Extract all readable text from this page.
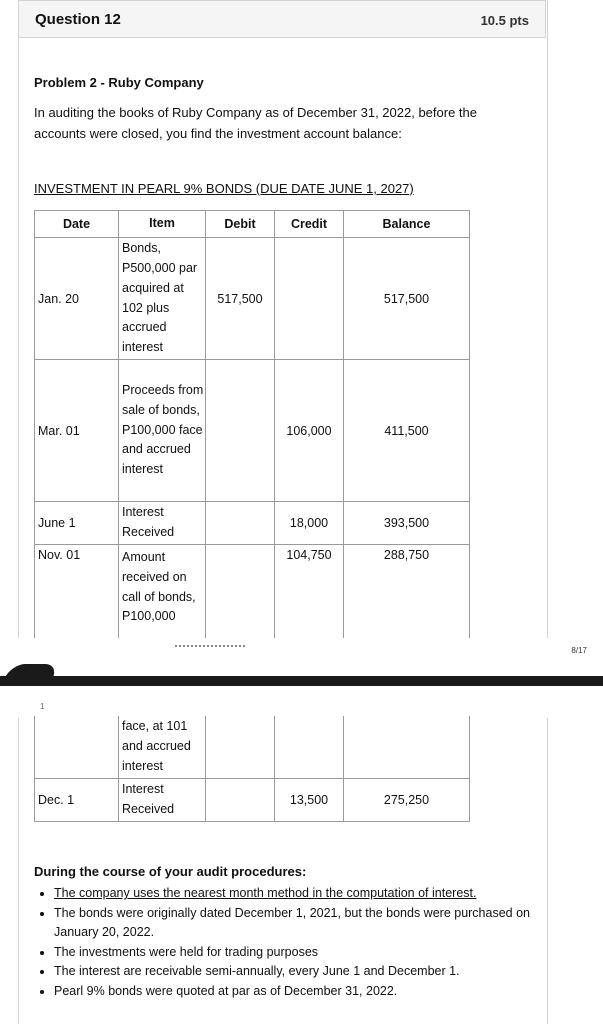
Question 12	10.5 pts
Problem 2 - Ruby Company
In auditing the books of Ruby Company as of December 31, 2022, before the accounts were closed, you find the investment account balance:
INVESTMENT IN PEARL 9% BONDS (DUE DATE JUNE 1, 2027)
Date	Item	Debit	Credit	Balance
Jan. 20	Bonds, P500,000 par acquired at 102 plus accrued interest	517,500		517,500
Mar. 01	Proceeds from sale of bonds, P100,000 face and accrued interest		106,000	411,500
June 1	Interest Received		18,000	393,500
Nov. 01	Amount received on call of bonds, P100,000		104,750	288,750
8/17
1
	face, at 101 and accrued interest			
Dec. 1	Interest Received		13,500	275,250
During the course of your audit procedures:
• The company uses the nearest month method in the computation of interest.
• The bonds were originally dated December 1, 2021, but the bonds were purchased on January 20, 2022.
• The investments were held for trading purposes
• The interest are receivable semi-annually, every June 1 and December 1.
• Pearl 9% bonds were quoted at par as of December 31, 2022.
